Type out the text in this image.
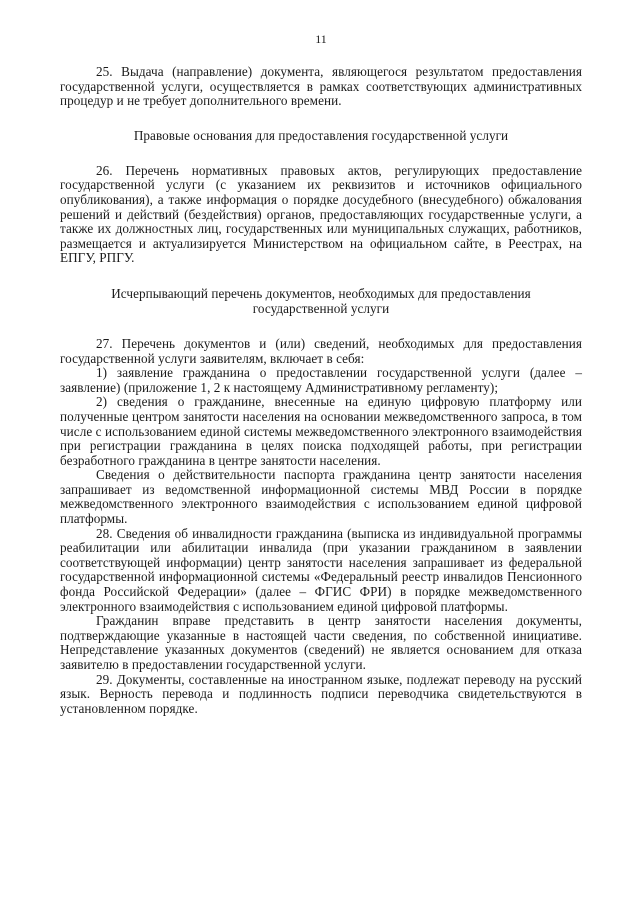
11

25. Выдача (направление) документа, являющегося результатом предоставления государственной услуги, осуществляется в рамках соответствующих административных процедур и не требует дополнительного времени.

Правовые основания для предоставления государственной услуги

26. Перечень нормативных правовых актов, регулирующих предоставление государственной услуги (с указанием их реквизитов и источников официального опубликования), а также информация о порядке досудебного (внесудебного) обжалования решений и действий (бездействия) органов, предоставляющих государственные услуги, а также их должностных лиц, государственных или муниципальных служащих, работников, размещается и актуализируется Министерством на официальном сайте, в Реестрах, на ЕПГУ, РПГУ.

Исчерпывающий перечень документов, необходимых для предоставления государственной услуги

27. Перечень документов и (или) сведений, необходимых для предоставления государственной услуги заявителям, включает в себя:

1) заявление гражданина о предоставлении государственной услуги (далее – заявление) (приложение 1, 2 к настоящему Административному регламенту);

2) сведения о гражданине, внесенные на единую цифровую платформу или полученные центром занятости населения на основании межведомственного запроса, в том числе с использованием единой системы межведомственного электронного взаимодействия при регистрации гражданина в целях поиска подходящей работы, при регистрации безработного гражданина в центре занятости населения.

Сведения о действительности паспорта гражданина центр занятости населения запрашивает из ведомственной информационной системы МВД России в порядке межведомственного электронного взаимодействия с использованием единой цифровой платформы.

28. Сведения об инвалидности гражданина (выписка из индивидуальной программы реабилитации или абилитации инвалида (при указании гражданином в заявлении соответствующей информации) центр занятости населения запрашивает из федеральной государственной информационной системы «Федеральный реестр инвалидов Пенсионного фонда Российской Федерации» (далее – ФГИС ФРИ) в порядке межведомственного электронного взаимодействия с использованием единой цифровой платформы.

Гражданин вправе представить в центр занятости населения документы, подтверждающие указанные в настоящей части сведения, по собственной инициативе. Непредставление указанных документов (сведений) не является основанием для отказа заявителю в предоставлении государственной услуги.

29. Документы, составленные на иностранном языке, подлежат переводу на русский язык. Верность перевода и подлинность подписи переводчика свидетельствуются в установленном порядке.
